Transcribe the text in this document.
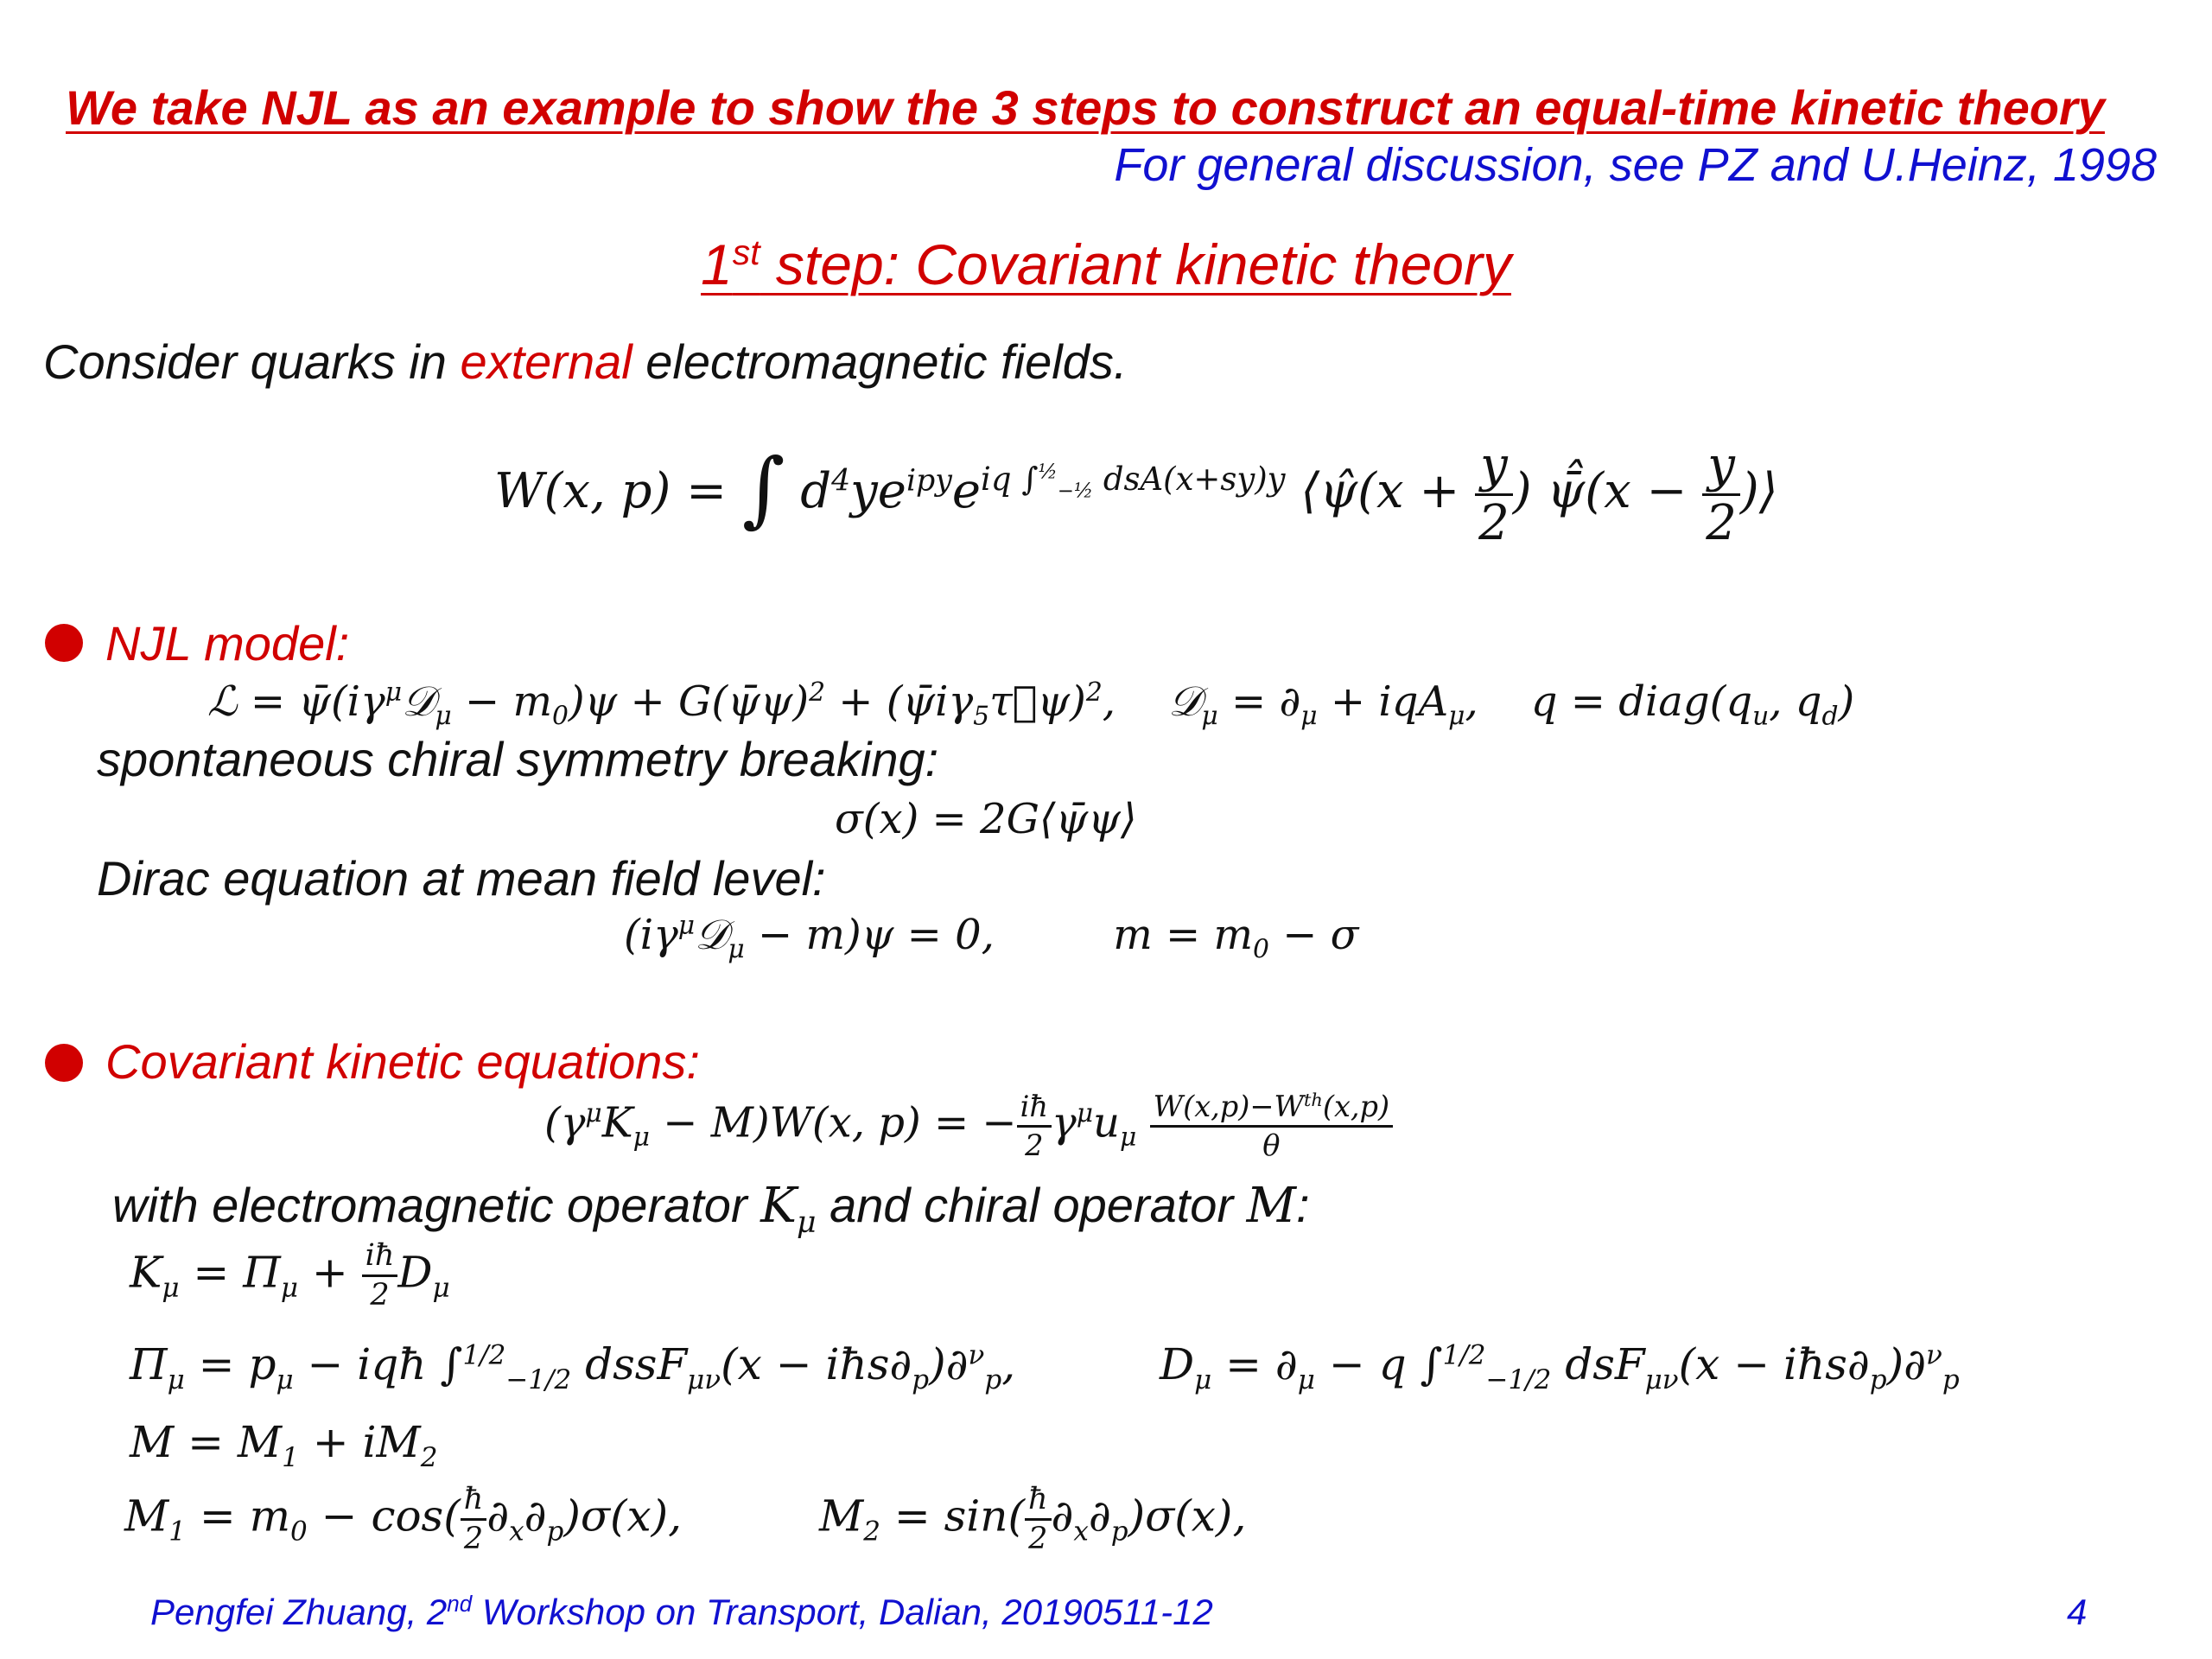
We take NJL as an example to show the 3 steps to construct an equal-time kinetic theory
For general discussion, see PZ and U.Heinz, 1998
1st step: Covariant kinetic theory
Consider quarks in external electromagnetic fields.
W(x, p) = ∫ $d^4ye^{ipy}e^{iq \int^{\frac{1}{2}}_{-\frac{1}{2}} dsA(x+sy)y}$ ⟨ψ̂(x + $\frac{y}{2}$ ) ψ̄̂(x − $\frac{y}{2}$ )⟩
NJL model:
ℒ = $\psī(i\gamma^\mu 𝒟_\mu - m_0)\psi$ + G(ψ̄ψ)$^2$ + $(\psīi\gamma_5\tau⃗\psi)^2$,    𝒟$_\mu$ = $\partial_\mu + iqA_\mu$,    $q = diag(q_u$, $q_d$)
spontaneous chiral symmetry breaking:
σ(x) = 2G⟨ψ̄ψ⟩
Dirac equation at mean field level:
$(i\gamma^\mu 𝒟_\mu - m)\psi = 0$,         $m = m_0 - \sigma$
Covariant kinetic equations:
$(\gamma^\mu K_\mu - M)W(x$, p) = − $\frac{iħ}{2} \gamma^\mu u_\mu \frac{W(x,p)-W^{th}(x,p)}{\theta}$
with electromagnetic operator $K_\mu$ and chiral operator M:
$K_\mu = \Pi_\mu + \frac{iħ}{2} D_\mu$
$\Pi_\mu = p_\mu$ − iqħ ∫$^{1/2}_{-1/2}$ dssF$_{\mu\nu}$(x − $iħs\partial_p)\partial^\nu_p$,	$D_\mu = \partial_\mu - q$ ∫$^{1/2}_{-1/2}$ $dsF_{\mu\nu}(x - iħs\partial_p)\partial^\nu_p$
$M = M_1 + iM_2$
$M_1 = m_0 - \cos( \frac{ħ}{2} \partial_x\partial_p)\sigma(x)$,          $M_2 = \sin( \frac{ħ}{2} \partial_x\partial_p)\sigma(x)$,
Pengfei Zhuang, 2nd Workshop on Transport, Dalian, 20190511-12	4
